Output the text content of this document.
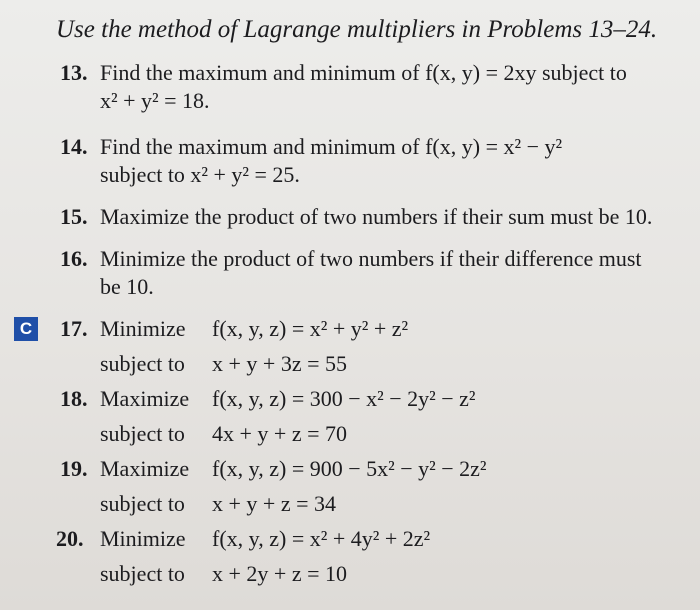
Use the method of Lagrange multipliers in Problems 13–24.
13. Find the maximum and minimum of f(x, y) = 2xy subject to
x² + y² = 18.
14. Find the maximum and minimum of f(x, y) = x² − y²
subject to x² + y² = 25.
15. Maximize the product of two numbers if their sum must be 10.
16. Minimize the product of two numbers if their difference must
be 10.
C 17. Minimize f(x, y, z) = x² + y² + z²
subject to x + y + 3z = 55
18. Maximize f(x, y, z) = 300 − x² − 2y² − z²
subject to 4x + y + z = 70
19. Maximize f(x, y, z) = 900 − 5x² − y² − 2z²
subject to x + y + z = 34
20. Minimize f(x, y, z) = x² + 4y² + 2z²
subject to x + 2y + z = 10
